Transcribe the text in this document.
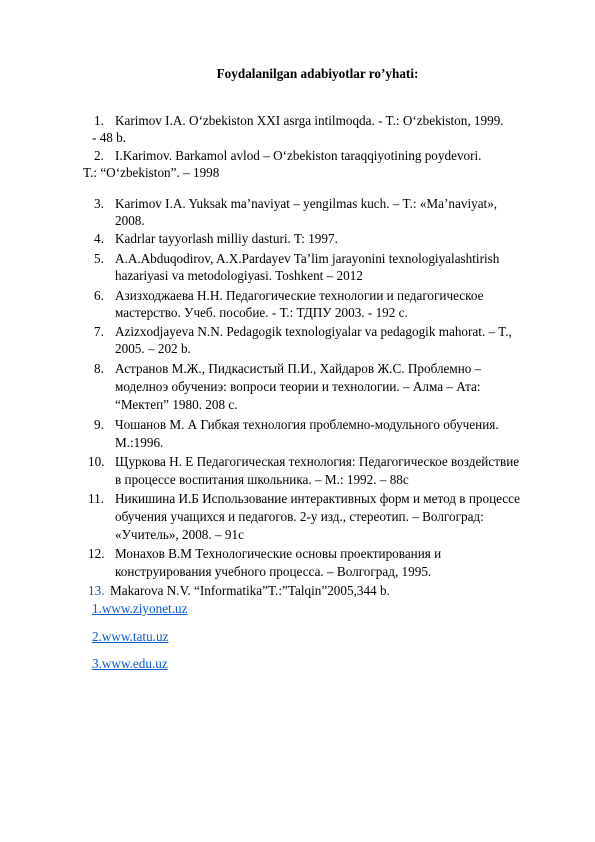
Foydalanilgan adabiyotlar ro’yhati:
1. Karimov I.A. O‘zbekiston XXI asrga intilmoqda. - T.: O‘zbekiston, 1999.
- 48 b.
2. I.Karimov. Barkamol avlod – O‘zbekiston taraqqiyotining poydevori.
T.: “O‘zbekiston”. – 1998
3. Karimov I.A. Yuksak ma’naviyat – yengilmas kuch. – T.: «Ma’naviyat»,
2008.
4. Kadrlar tayyorlash milliy dasturi. T: 1997.
5. A.A.Abduqodirov, A.X.Pardayev Ta’lim jarayonini texnologiyalashtirish
hazariyasi va metodologiyasi. Toshkent – 2012
6. Азизходжаева Н.Н. Педагогические технологии и педагогическое
мастерство. Учеб. пособие. - Т.: ТДПУ 2003. - 192 с.
7. Azizxodjayeva N.N. Pedagogik texnologiyalar va pedagogik mahorat. – T.,
2005. – 202 b.
8. Астранов М.Ж., Пидкасистый П.И., Хайдаров Ж.С. Проблемно –
моделноэ обучениэ: вопроси теории и технологии. – Алма – Ата:
“Мектеп” 1980. 208 с.
9. Чошанов М. А Гибкая технология проблемно-модульного обучения.
М.:1996.
10. Щуркова Н. Е Педагогическая технология: Педагогическое воздействие
в процессе воспитания школьника. – М.: 1992. – 88с
11. Никишина И.Б Использование интерактивных форм и метод в процессе
обучения учащихся и педагогов. 2-у изд., стереотип. – Волгоград:
«Учитель», 2008. – 91с
12. Монахов В.М Технологические основы проектирования и
конструирования учебного процесса. – Волгоград, 1995.
13. Makarova N.V. “Informatika”T.:”Talqin”2005,344 b.
1.www.ziyonet.uz
2.www.tatu.uz
3.www.edu.uz
